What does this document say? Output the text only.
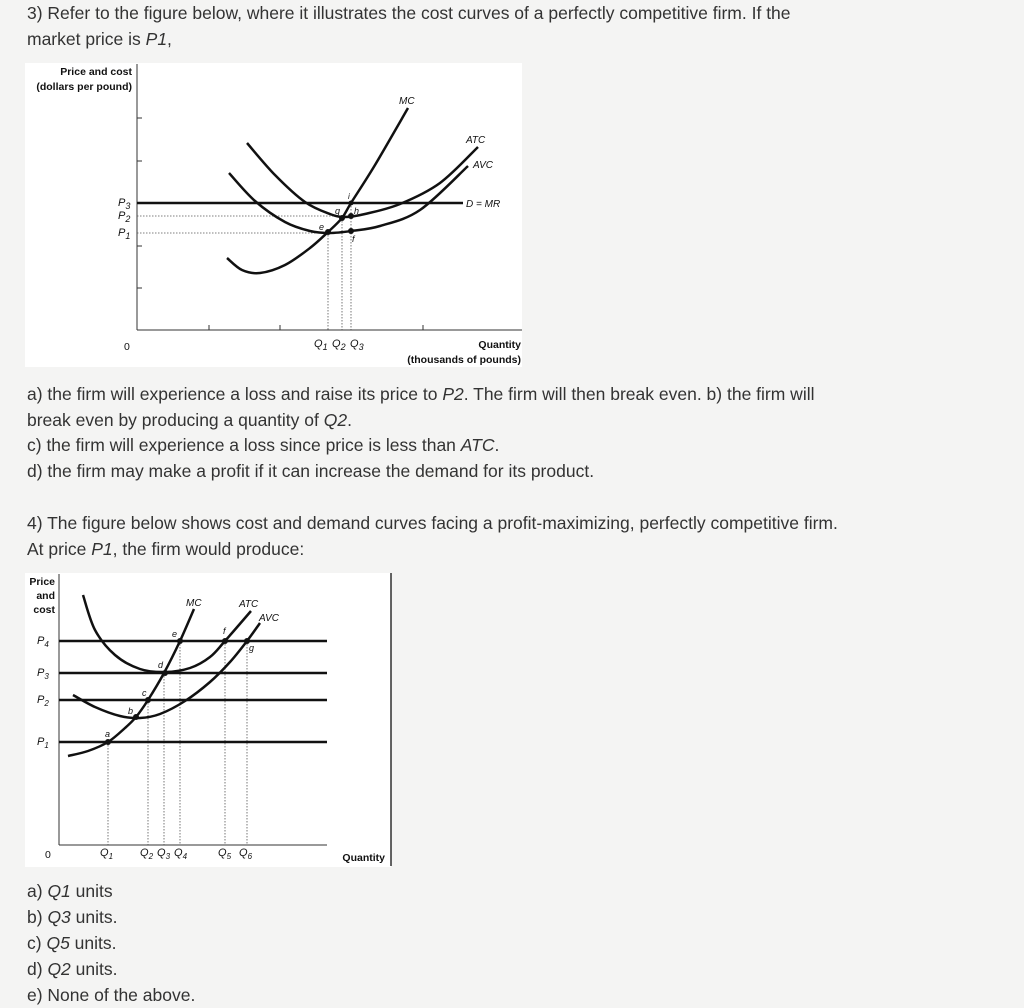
3) Refer to the figure below, where it illustrates the cost curves of a perfectly competitive firm. If the
market price is P1,
a) the firm will experience a loss and raise its price to P2. The firm will then break even. b) the firm will
break even by producing a quantity of Q2.
c) the firm will experience a loss since price is less than ATC.
d) the firm may make a profit if it can increase the demand for its product.
4) The figure below shows cost and demand curves facing a profit-maximizing, perfectly competitive firm.
At price P1, the firm would produce:
a) Q1 units
b) Q3 units.
c) Q5 units.
d) Q2 units.
e) None of the above.
Price and cost
(dollars per pound)
0	Quantity
(thousands of pounds)
MC
ATC
AVC
D = MR
i
g h
e
f
$P_3$
$P_2$
$P_1$
$Q_1$ $Q_2$ $Q_3$
Price
and
cost
Quantity
0
MC	ATC
AVC
a
b
c
d
e	f
g
$P_4$
$P_3$
$P_2$
$P_1$
$Q_1$ $Q_2$ $Q_3$ $Q_4$	$Q_5$ $Q_6$
